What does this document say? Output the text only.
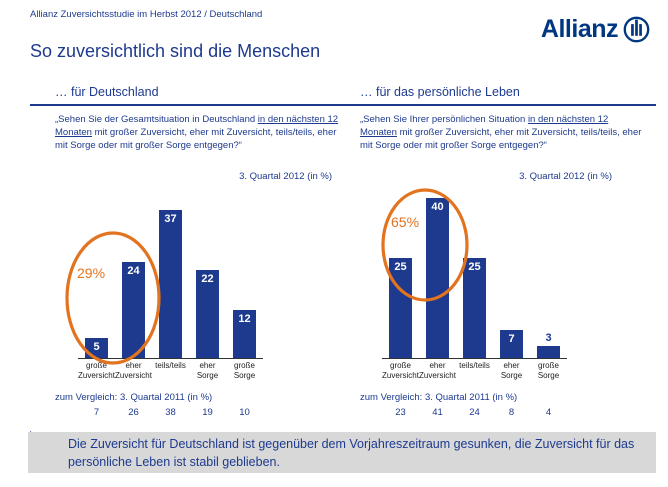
Allianz Zuversichtsstudie im Herbst 2012 / Deutschland
So zuversichtlich sind die Menschen
Allianz
… für Deutschland
„Sehen Sie der Gesamtsituation in Deutschland in den nächsten 12 Monaten mit großer Zuversicht, eher mit Zuversicht, teils/teils, eher mit Sorge oder mit großer Sorge entgegen?“
3. Quartal 2012 (in %)
5
24
37
22
12
große
Zuversicht
eher
Zuversicht
teils/teils	eher Sorge
große
Sorge
29%
zum Vergleich: 3. Quartal 2011 (in %)
7	26	38	19	10
… für das persönliche Leben
„Sehen Sie Ihrer persönlichen Situation in den nächsten 12 Monaten mit großer Zuversicht, eher mit Zuversicht, teils/teils, eher mit Sorge oder mit großer Sorge entgegen?“
3. Quartal 2012 (in %)
25
40
25
7	3
große
Zuversicht
eher
Zuversicht
teils/teils	eher Sorge
große
Sorge
65%
zum Vergleich: 3. Quartal 2011 (in %)
23	41	24	8	4
Die Zuversicht für Deutschland ist gegenüber dem Vorjahreszeitraum gesunken, die Zuversicht für das persönliche Leben ist stabil geblieben.
